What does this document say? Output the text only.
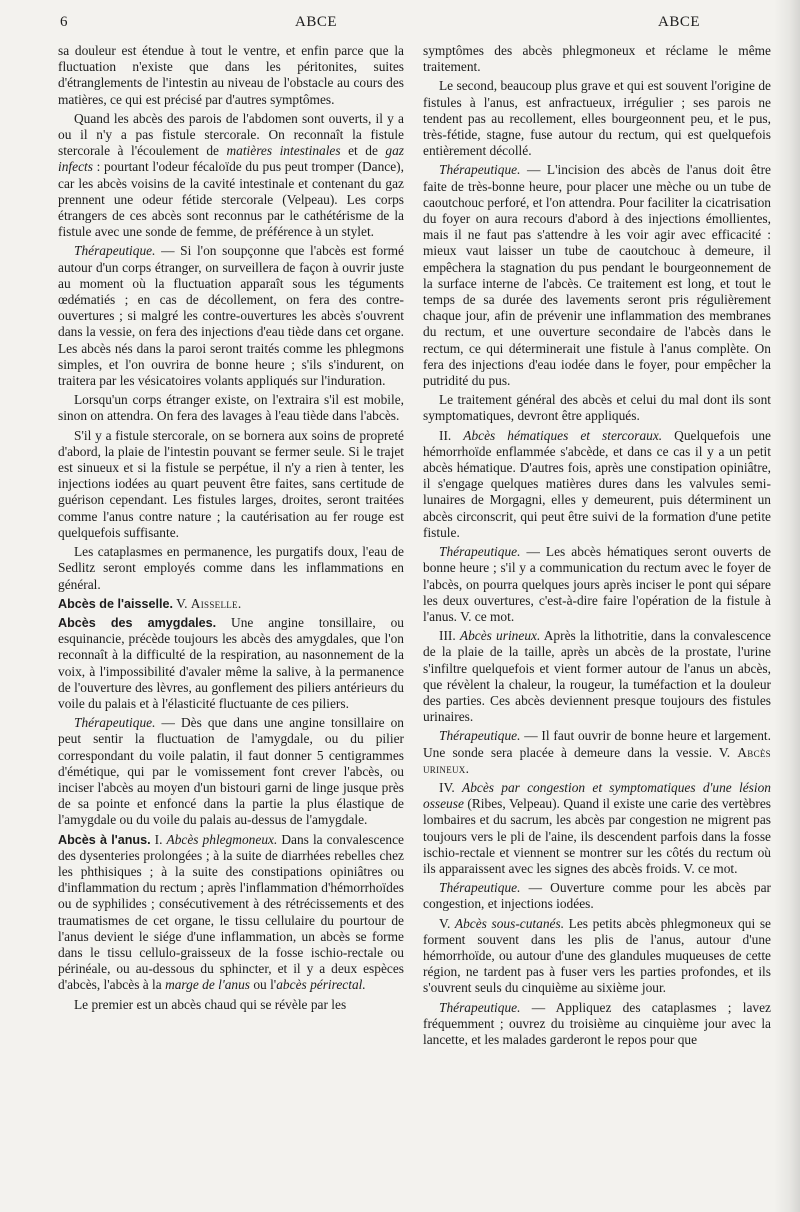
6	ABCE	ABCE

sa douleur est étendue à tout le ventre, et enfin parce que la fluctuation n'existe que dans les péritonites, suites d'étranglements de l'intestin au niveau de l'obstacle au cours des matières, ce qui est précisé par d'autres symptômes.

Quand les abcès des parois de l'abdomen sont ouverts, il y a ou il n'y a pas fistule stercorale. On reconnaît la fistule stercorale à l'écoulement de matières intestinales et de gaz infects : pourtant l'odeur fécaloïde du pus peut tromper (Dance), car les abcès voisins de la cavité intestinale et contenant du gaz prennent une odeur fétide stercorale (Velpeau). Les corps étrangers de ces abcès sont reconnus par le cathétérisme de la fistule avec une sonde de femme, de préférence à un stylet.

Thérapeutique. — Si l'on soupçonne que l'abcès est formé autour d'un corps étranger, on surveillera de façon à ouvrir juste au moment où la fluctuation apparaît sous les téguments œdématiés ; en cas de décollement, on fera des contre-ouvertures ; si malgré les contre-ouvertures les abcès s'ouvrent dans la vessie, on fera des injections d'eau tiède dans cet organe. Les abcès nés dans la paroi seront traités comme les phlegmons simples, et l'on ouvrira de bonne heure ; s'ils s'indurent, on traitera par les vésicatoires volants appliqués sur l'induration.

Lorsqu'un corps étranger existe, on l'extraira s'il est mobile, sinon on attendra. On fera des lavages à l'eau tiède dans l'abcès.

S'il y a fistule stercorale, on se bornera aux soins de propreté d'abord, la plaie de l'intestin pouvant se fermer seule. Si le trajet est sinueux et si la fistule se perpétue, il n'y a rien à tenter, les injections iodées au quart peuvent être faites, sans certitude de guérison cependant. Les fistules larges, droites, seront traitées comme l'anus contre nature ; la cautérisation au fer rouge est quelquefois suffisante.

Les cataplasmes en permanence, les purgatifs doux, l'eau de Sedlitz seront employés comme dans les inflammations en général.

Abcès de l'aisselle. V. Aisselle.

Abcès des amygdales. Une angine tonsillaire, ou esquinancie, précède toujours les abcès des amygdales, que l'on reconnaît à la difficulté de la respiration, au nasonnement de la voix, à l'impossibilité d'avaler même la salive, à la permanence de l'ouverture des lèvres, au gonflement des piliers antérieurs du voile du palais et à l'élasticité fluctuante de ces piliers.

Thérapeutique. — Dès que dans une angine tonsillaire on peut sentir la fluctuation de l'amygdale, ou du pilier correspondant du voile palatin, il faut donner 5 centigrammes d'émétique, qui par le vomissement font crever l'abcès, ou inciser l'abcès au moyen d'un bistouri garni de linge jusque près de sa pointe et enfoncé dans la partie la plus élastique de l'amygdale ou du voile du palais au-dessus de l'amygdale.

Abcès à l'anus. I. Abcès phlegmoneux. Dans la convalescence des dysenteries prolongées ; à la suite de diarrhées rebelles chez les phthisiques ; à la suite des constipations opiniâtres ou d'inflammation du rectum ; après l'inflammation d'hémorrhoïdes ou de syphilides ; consécutivement à des rétrécissements et des traumatismes de cet organe, le tissu cellulaire du pourtour de l'anus devient le siége d'une inflammation, un abcès se forme dans le tissu cellulo-graisseux de la fosse ischio-rectale ou périnéale, ou au-dessous du sphincter, et il y a deux espèces d'abcès, l'abcès à la marge de l'anus ou l'abcès périrectal.

Le premier est un abcès chaud qui se révèle par les

symptômes des abcès phlegmoneux et réclame le même traitement.

Le second, beaucoup plus grave et qui est souvent l'origine de fistules à l'anus, est anfractueux, irrégulier ; ses parois ne tendent pas au recollement, elles bourgeonnent peu, et le pus, très-fétide, stagne, fuse autour du rectum, qui est quelquefois entièrement décollé.

Thérapeutique. — L'incision des abcès de l'anus doit être faite de très-bonne heure, pour placer une mèche ou un tube de caoutchouc perforé, et l'on attendra. Pour faciliter la cicatrisation du foyer on aura recours d'abord à des injections émollientes, mais il ne faut pas s'attendre à les voir agir avec efficacité : mieux vaut laisser un tube de caoutchouc à demeure, il empêchera la stagnation du pus pendant le bourgeonnement de la surface interne de l'abcès. Ce traitement est long, et tout le temps de sa durée des lavements seront pris régulièrement chaque jour, afin de prévenir une inflammation des membranes du rectum, et une ouverture secondaire de l'abcès dans le rectum, ce qui déterminerait une fistule à l'anus complète. On fera des injections d'eau iodée dans le foyer, pour empêcher la putridité du pus.

Le traitement général des abcès et celui du mal dont ils sont symptomatiques, devront être appliqués.

II. Abcès hématiques et stercoraux. Quelquefois une hémorrhoïde enflammée s'abcède, et dans ce cas il y a un petit abcès hématique. D'autres fois, après une constipation opiniâtre, il s'engage quelques matières dures dans les valvules semi-lunaires de Morgagni, elles y demeurent, puis déterminent un abcès circonscrit, qui peut être suivi de la formation d'une petite fistule.

Thérapeutique. — Les abcès hématiques seront ouverts de bonne heure ; s'il y a communication du rectum avec le foyer de l'abcès, on pourra quelques jours après inciser le pont qui sépare les deux ouvertures, c'est-à-dire faire l'opération de la fistule à l'anus. V. ce mot.

III. Abcès urineux. Après la lithotritie, dans la convalescence de la plaie de la taille, après un abcès de la prostate, l'urine s'infiltre quelquefois et vient former autour de l'anus un abcès, que révèlent la chaleur, la rougeur, la tuméfaction et la douleur des parties. Ces abcès deviennent presque toujours des fistules urinaires.

Thérapeutique. — Il faut ouvrir de bonne heure et largement. Une sonde sera placée à demeure dans la vessie. V. Abcès urineux.

IV. Abcès par congestion et symptomatiques d'une lésion osseuse (Ribes, Velpeau). Quand il existe une carie des vertèbres lombaires et du sacrum, les abcès par congestion ne migrent pas toujours vers le pli de l'aine, ils descendent parfois dans la fosse ischio-rectale et viennent se montrer sur les côtés du rectum où ils apparaissent avec les signes des abcès froids. V. ce mot.

Thérapeutique. — Ouverture comme pour les abcès par congestion, et injections iodées.

V. Abcès sous-cutanés. Les petits abcès phlegmoneux qui se forment souvent dans les plis de l'anus, autour d'une hémorrhoïde, ou autour d'une des glandules muqueuses de cette région, ne tardent pas à fuser vers les parties profondes, et ils s'ouvrent seuls du cinquième au sixième jour.

Thérapeutique. — Appliquez des cataplasmes ; lavez fréquemment ; ouvrez du troisième au cinquième jour avec la lancette, et les malades garderont le repos pour que
